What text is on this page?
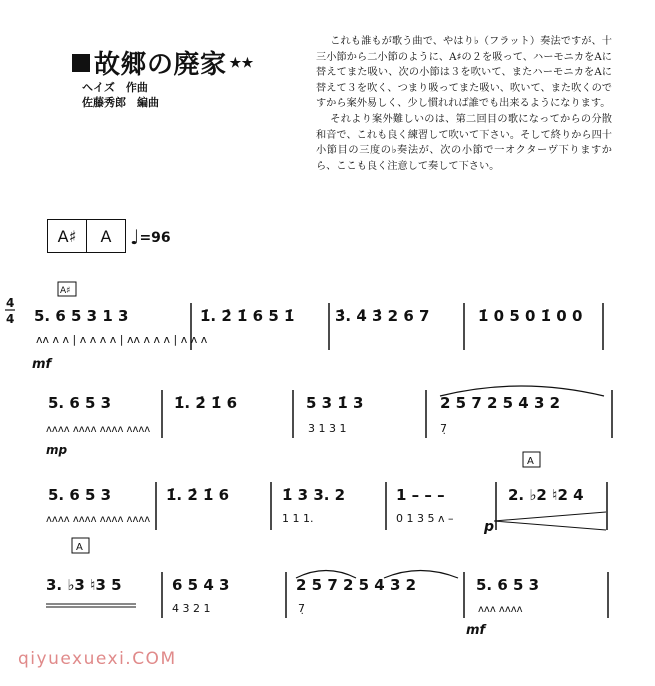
故郷の廃家 ★★
ヘイズ　作曲
佐藤秀郎　編曲

これも誰もが歌う曲で、やはり♭（フラット）奏法ですが、十三小節から二小節のように、A♯の２を吸って、ハーモニカをAに替えてまた吸い、次の小節は３を吹いて、またハーモニカをAに替えて３を吹く、つまり吸ってまた吸い、吹いて、また吹くのですから案外易しく、少し慣れれば誰でも出来るようになります。

それより案外難しいのは、第二回目の歌になってからの分散和音で、これも良く練習して吹いて下さい。そして終りから四十小節目の三度の♭奏法が、次の小節で一オクターヴ下りますから、ここも良く注意して奏して下さい。

A♯	A ♩=96
4
4
A♯
5. 6 5 3 1 3	1̇. 2̇ 1̇ 6 5 1̇	3̇. 4̇ 3̇ 2 6 7	1̇ 0 5 0 1̇ 0 0
ʌʌ ʌ ʌ | ʌ ʌ ʌ ʌ | ʌʌ ʌ ʌ ʌ | ʌ ʌ ʌ
mf
5. 6 5 3	1̇. 2̇ 1̇ 6	5 3 1̇ 3	2 5 7 2 5 4 3 2
ʌʌʌʌ ʌʌʌʌ ʌʌʌʌ ʌʌʌʌ	3 1 3 1	7̣
mp
A
5. 6 5 3	1̇. 2̇ 1̇ 6	1̇ 3 3. 2	1 – – –	2. ♭2 ♮2 4
ʌʌʌʌ ʌʌʌʌ ʌʌʌʌ ʌʌʌʌ	1 1 1.	0 1 3 5 ʌ –
p
A
3. ♭3 ♮3 5	6 5 4 3	2 5 7 2 5 4 3 2	5. 6 5 3
4 3 2 1	7̣	ʌʌʌ ʌʌʌʌ
mf
qiyuexuexi.COM
